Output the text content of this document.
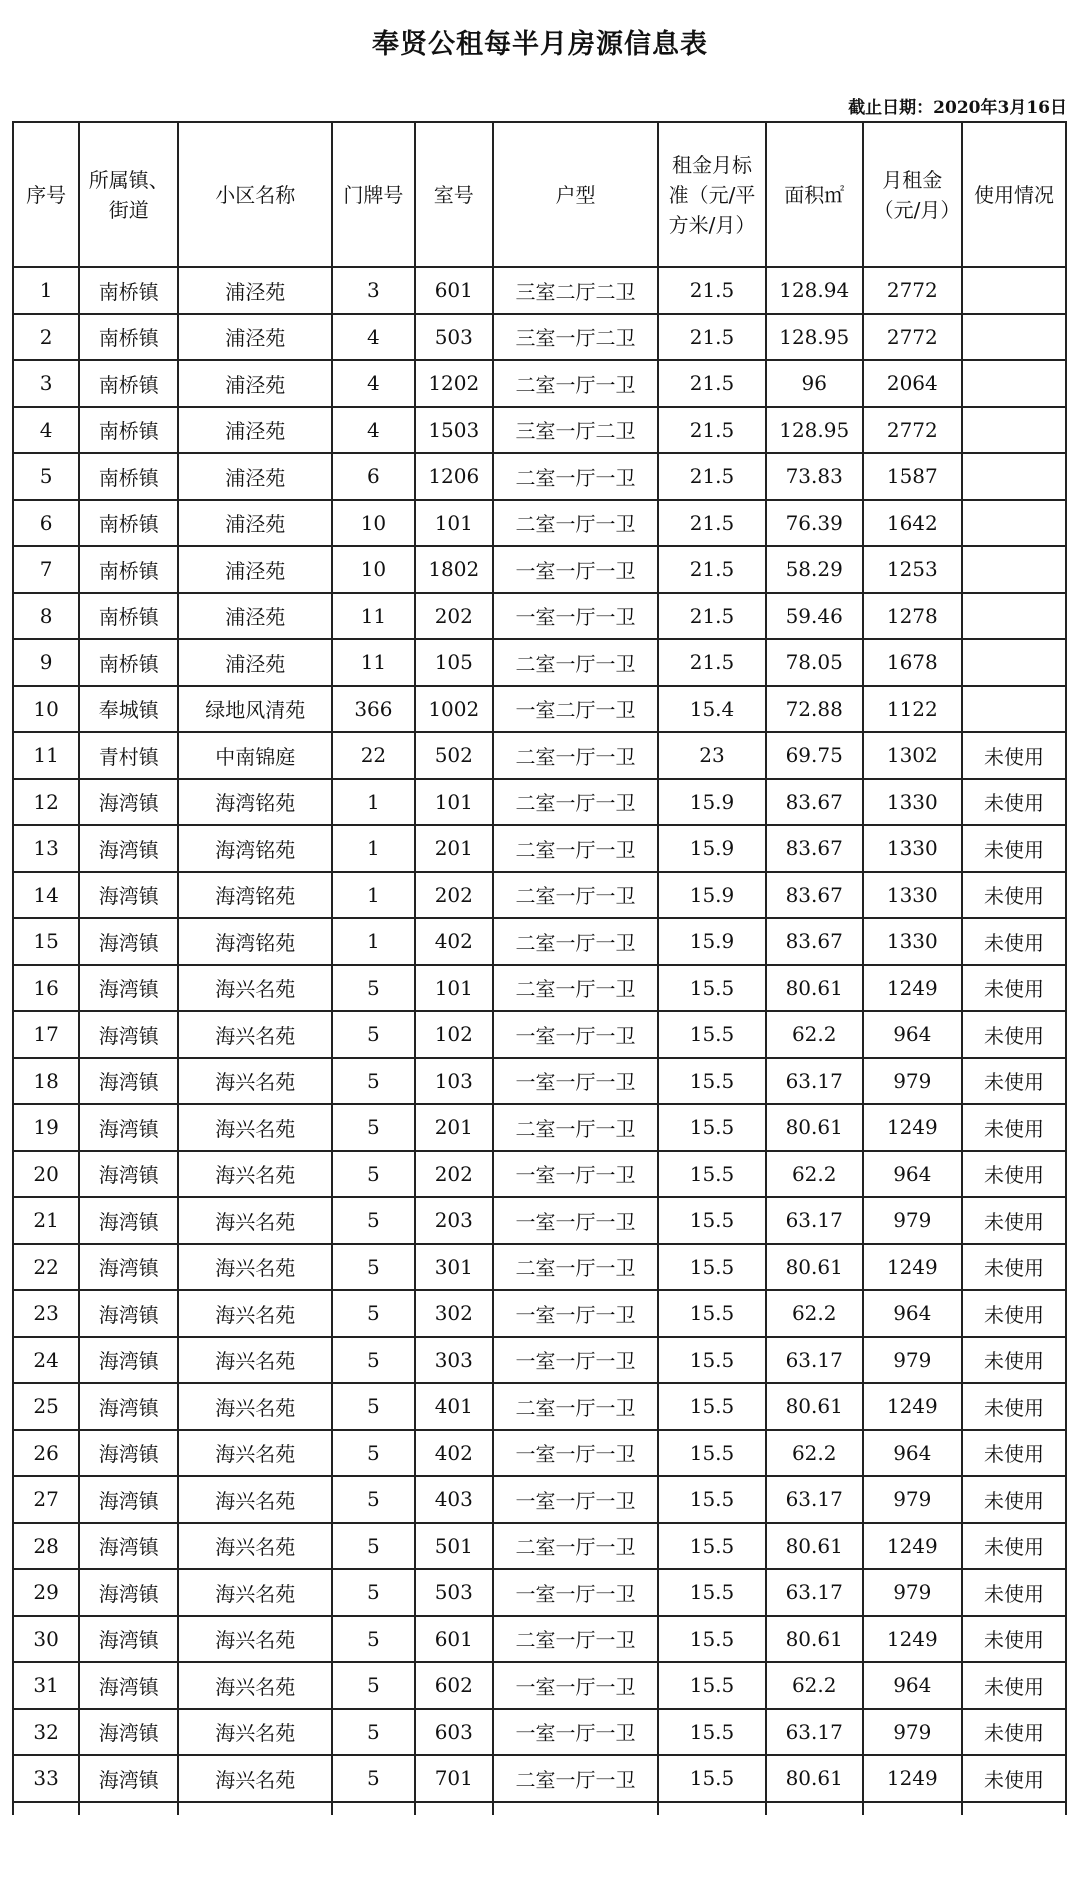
奉贤公租每半月房源信息表
截止日期：2020年3月16日
序号	所属镇、街道	小区名称	门牌号	室号	户型	租金月标准（元/平方米/月）	面积㎡	月租金（元/月）	使用情况
1	南桥镇	浦泾苑	3	601	三室二厅二卫	21.5	128.94	2772	
2	南桥镇	浦泾苑	4	503	三室一厅二卫	21.5	128.95	2772	
3	南桥镇	浦泾苑	4	1202	二室一厅一卫	21.5	96	2064	
4	南桥镇	浦泾苑	4	1503	三室一厅二卫	21.5	128.95	2772	
5	南桥镇	浦泾苑	6	1206	二室一厅一卫	21.5	73.83	1587	
6	南桥镇	浦泾苑	10	101	二室一厅一卫	21.5	76.39	1642	
7	南桥镇	浦泾苑	10	1802	一室一厅一卫	21.5	58.29	1253	
8	南桥镇	浦泾苑	11	202	一室一厅一卫	21.5	59.46	1278	
9	南桥镇	浦泾苑	11	105	二室一厅一卫	21.5	78.05	1678	
10	奉城镇	绿地风清苑	366	1002	一室二厅一卫	15.4	72.88	1122	
11	青村镇	中南锦庭	22	502	二室一厅一卫	23	69.75	1302	未使用
12	海湾镇	海湾铭苑	1	101	二室一厅一卫	15.9	83.67	1330	未使用
13	海湾镇	海湾铭苑	1	201	二室一厅一卫	15.9	83.67	1330	未使用
14	海湾镇	海湾铭苑	1	202	二室一厅一卫	15.9	83.67	1330	未使用
15	海湾镇	海湾铭苑	1	402	二室一厅一卫	15.9	83.67	1330	未使用
16	海湾镇	海兴名苑	5	101	二室一厅一卫	15.5	80.61	1249	未使用
17	海湾镇	海兴名苑	5	102	一室一厅一卫	15.5	62.2	964	未使用
18	海湾镇	海兴名苑	5	103	一室一厅一卫	15.5	63.17	979	未使用
19	海湾镇	海兴名苑	5	201	二室一厅一卫	15.5	80.61	1249	未使用
20	海湾镇	海兴名苑	5	202	一室一厅一卫	15.5	62.2	964	未使用
21	海湾镇	海兴名苑	5	203	一室一厅一卫	15.5	63.17	979	未使用
22	海湾镇	海兴名苑	5	301	二室一厅一卫	15.5	80.61	1249	未使用
23	海湾镇	海兴名苑	5	302	一室一厅一卫	15.5	62.2	964	未使用
24	海湾镇	海兴名苑	5	303	一室一厅一卫	15.5	63.17	979	未使用
25	海湾镇	海兴名苑	5	401	二室一厅一卫	15.5	80.61	1249	未使用
26	海湾镇	海兴名苑	5	402	一室一厅一卫	15.5	62.2	964	未使用
27	海湾镇	海兴名苑	5	403	一室一厅一卫	15.5	63.17	979	未使用
28	海湾镇	海兴名苑	5	501	二室一厅一卫	15.5	80.61	1249	未使用
29	海湾镇	海兴名苑	5	503	一室一厅一卫	15.5	63.17	979	未使用
30	海湾镇	海兴名苑	5	601	二室一厅一卫	15.5	80.61	1249	未使用
31	海湾镇	海兴名苑	5	602	一室一厅一卫	15.5	62.2	964	未使用
32	海湾镇	海兴名苑	5	603	一室一厅一卫	15.5	63.17	979	未使用
33	海湾镇	海兴名苑	5	701	二室一厅一卫	15.5	80.61	1249	未使用
